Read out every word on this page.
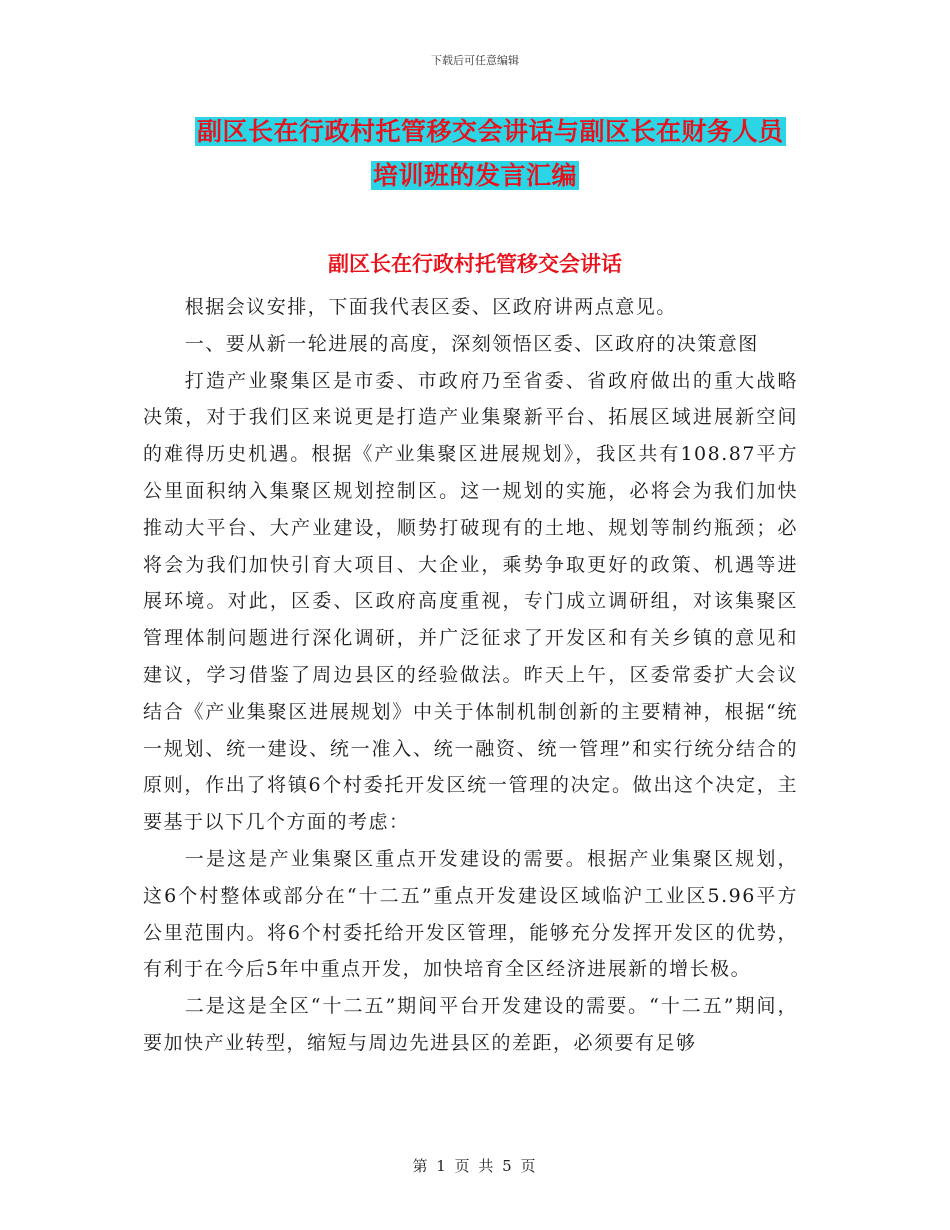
下载后可任意编辑
副区长在行政村托管移交会讲话与副区长在财务人员
培训班的发言汇编
副区长在行政村托管移交会讲话

根据会议安排，下面我代表区委、区政府讲两点意见。

一、要从新一轮进展的高度，深刻领悟区委、区政府的决策意图

打造产业聚集区是市委、市政府乃至省委、省政府做出的重大战略决策，对于我们区来说更是打造产业集聚新平台、拓展区域进展新空间的难得历史机遇。根据《产业集聚区进展规划》，我区共有108.87平方公里面积纳入集聚区规划控制区。这一规划的实施，必将会为我们加快推动大平台、大产业建设，顺势打破现有的土地、规划等制约瓶颈；必将会为我们加快引育大项目、大企业，乘势争取更好的政策、机遇等进展环境。对此，区委、区政府高度重视，专门成立调研组，对该集聚区管理体制问题进行深化调研，并广泛征求了开发区和有关乡镇的意见和建议，学习借鉴了周边县区的经验做法。昨天上午，区委常委扩大会议结合《产业集聚区进展规划》中关于体制机制创新的主要精神，根据“统一规划、统一建设、统一准入、统一融资、统一管理”和实行统分结合的原则，作出了将镇6个村委托开发区统一管理的决定。做出这个决定，主要基于以下几个方面的考虑：

一是这是产业集聚区重点开发建设的需要。根据产业集聚区规划，这6个村整体或部分在“十二五”重点开发建设区域临沪工业区5.96平方公里范围内。将6个村委托给开发区管理，能够充分发挥开发区的优势，有利于在今后5年中重点开发，加快培育全区经济进展新的增长极。

二是这是全区“十二五”期间平台开发建设的需要。“十二五”期间，要加快产业转型，缩短与周边先进县区的差距，必须要有足够

第 1 页 共 5 页
